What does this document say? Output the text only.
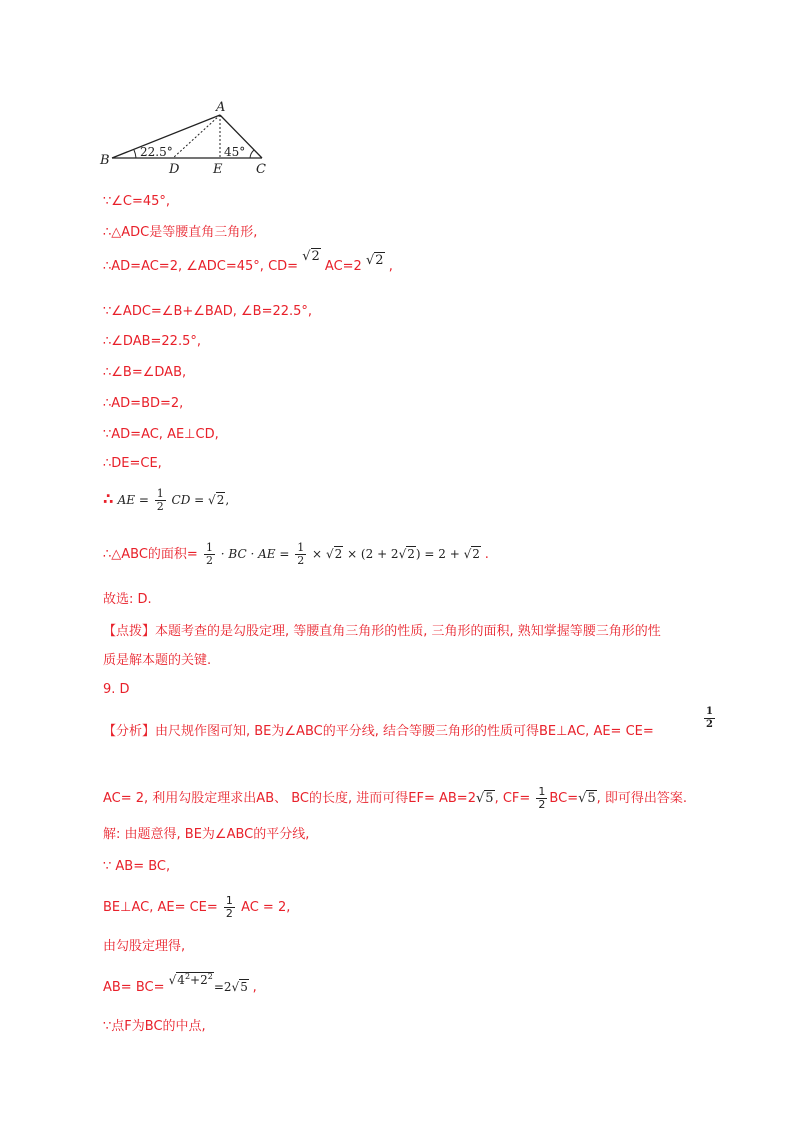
A
B
C
D	E
22.5°	45°
∵∠C=45°,
∴△ADC是等腰直角三角形,
∴AD=AC=2, ∠ADC=45°, CD= √2 AC=2 √2 ,
∵∠ADC=∠B+∠BAD, ∠B=22.5°,
∴∠DAB=22.5°,
∴∠B=∠DAB,
∴AD=BD=2,
∵AD=AC, AE⊥CD,
∴DE=CE,
∴ AE = $\frac{1}{2}$ CD = √2,
∴△ABC的面积= $\frac{1}{2}$ · BC · AE = $\frac{1}{2} \times √2 \times (2 + 2√2) = 2 + √2$ .
故选: D.
【点拨】本题考查的是勾股定理, 等腰直角三角形的性质, 三角形的面积, 熟知掌握等腰三角形的性
质是解本题的关键.
9. D
【分析】由尺规作图可知, BE为∠ABC的平分线, 结合等腰三角形的性质可得BE⊥AC, AE= CE=
$\frac{1}{2}$
AC= 2, 利用勾股定理求出AB、 BC的长度, 进而可得EF= AB=2√5, $CF= \frac{1}{2} BC=√5$, 即可得出答案.
解: 由题意得, BE为∠ABC的平分线,
∵ AB= BC,
BE⊥AC, $AE= CE= \frac{1}{2}$ AC = 2,
由勾股定理得,
$AB= BC= √4^2+2^2=2√5$ ,
∵点F为BC的中点,
